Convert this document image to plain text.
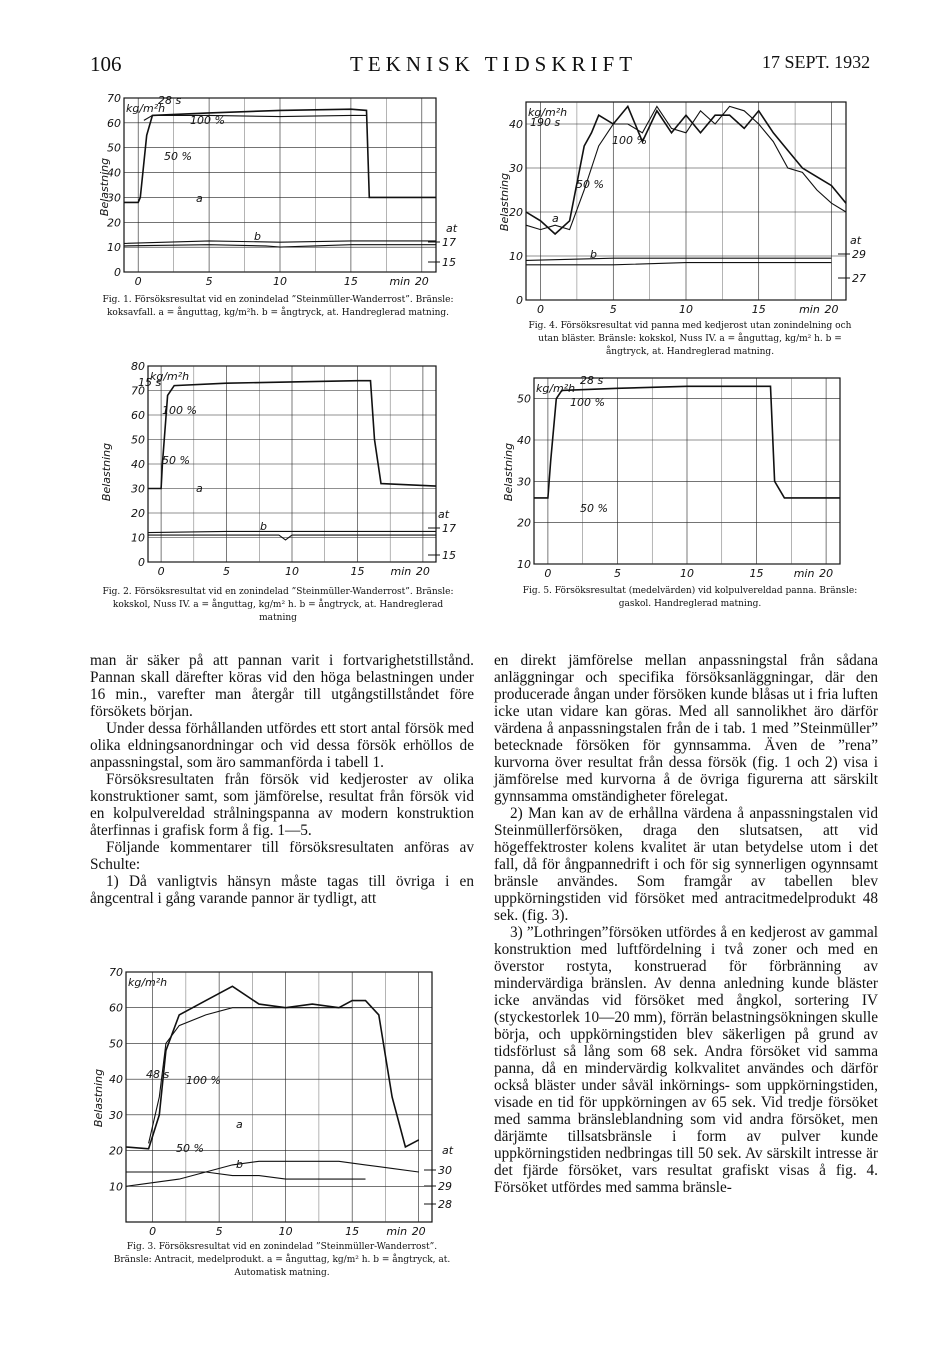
106	TEKNISK TIDSKRIFT	17 SEPT. 1932
0
10
20
30
40
50
60
70
0	5	10	15	20
min
kg/m²h
Belastning
28 s
100 %
50 %
a
b
at
17
15
Fig. 1. Försöksresultat vid en zonindelad ”Steinmüller-Wanderrost”. Bränsle: koksavfall. a = ånguttag, kg/m²h. b = ångtryck, at. Handreglerad matning.
0
10
20
30
40
50
60
70
80
0	5	10	15	20
min
kg/m²h
Belastning
15 s
100 %
50 %
a
b
at
17
15
Fig. 2. Försöksresultat vid en zonindelad ”Steinmüller-Wanderrost”. Bränsle: kokskol, Nuss IV. a = ånguttag, kg/m² h. b = ångtryck, at. Handreglerad matning
0
10
20
30
40
0	5	10	15	20
min
kg/m²h
Belastning
190 s
100 %
50 %
a
b
at
29
27
Fig. 4. Försöksresultat vid panna med kedjerost utan zonindelning och utan bläster. Bränsle: kokskol, Nuss IV. a = ånguttag, kg/m² h. b = ångtryck, at. Handreglerad matning.
10
20
30
40
50
0	5	10	15	20
min
kg/m²h
Belastning
28 s
100 %
50 %
Fig. 5. Försöksresultat (medelvärden) vid kolpulvereldad panna. Bränsle: gaskol. Handreglerad matning.

man är säker på att pannan varit i fortvarighetstillstånd. Pannan skall därefter köras vid den höga belastningen under 16 min., varefter man återgår till utgångstillståndet före försökets början.

Under dessa förhållanden utfördes ett stort antal försök med olika eldningsanordningar och vid dessa försök erhöllos de anpassningstal, som äro sammanförda i tabell 1.

Försöksresultaten från försök vid kedjeroster av olika konstruktioner samt, som jämförelse, resultat från försök vid en kolpulvereldad strålningspanna av modern konstruktion återfinnas i grafisk form å fig. 1—5.

Följande kommentarer till försöksresultaten anföras av Schulte:

1) Då vanligtvis hänsyn måste tagas till övriga i en ångcentral i gång varande pannor är tydligt, att

10
20
30
40
50
60
70
0	5	10	15	20
min
kg/m²h
Belastning	48 s 100 %
50 %
a
b
at
30
29
28
Fig. 3. Försöksresultat vid en zonindelad ”Steinmüller-Wanderrost”. Bränsle: Antracit, medelprodukt. a = ånguttag, kg/m² h. b = ångtryck, at. Automatisk matning.

en direkt jämförelse mellan anpassningstal från sådana anläggningar och specifika försöksanläggningar, där den producerade ångan under försöken kunde blåsas ut i fria luften icke utan vidare kan göras. Med all sannolikhet äro därför värdena å anpassningstalen från de i tab. 1 med ”Steinmüller” betecknade försöken för gynnsamma. Även de ”rena” kurvorna över resultat från dessa försök (fig. 1 och 2) visa i jämförelse med kurvorna å de övriga figurerna att särskilt gynnsamma omständigheter förelegat.

2) Man kan av de erhållna värdena å anpassningstalen vid Steinmüllerförsöken, draga den slutsatsen, att vid högeffektroster kolens kvalitet är utan betydelse utom i det fall, då för ångpannedrift i och för sig synnerligen ogynnsamt bränsle användes. Som framgår av tabellen blev uppkörningstiden vid försöket med antracitmedelprodukt 48 sek. (fig. 3).

3) ”Lothringen”försöken utfördes å en kedjerost av gammal konstruktion med luftfördelning i två zoner och med en överstor rostyta, konstruerad för förbränning av mindervärdiga bränslen. Av denna anledning kunde bläster icke användas vid försöket med ångkol, sortering IV (styckestorlek 10—20 mm), förrän belastningsökningen skulle börja, och uppkörningstiden blev säkerligen på grund av tidsförlust så lång som 68 sek. Andra försöket vid samma panna, då en mindervärdig kolkvalitet användes och därför också bläster under såväl inkörnings- som uppkörningstiden, visade en tid för uppkörningen av 65 sek. Vid tredje försöket med samma bränsleblandning som vid andra försöket, men därjämte tillsatsbränsle i form av pulver kunde uppkörningstiden nedbringas till 50 sek. Av särskilt intresse är det fjärde försöket, vars resultat grafiskt visas å fig. 4. Försöket utfördes med samma bränsle-
